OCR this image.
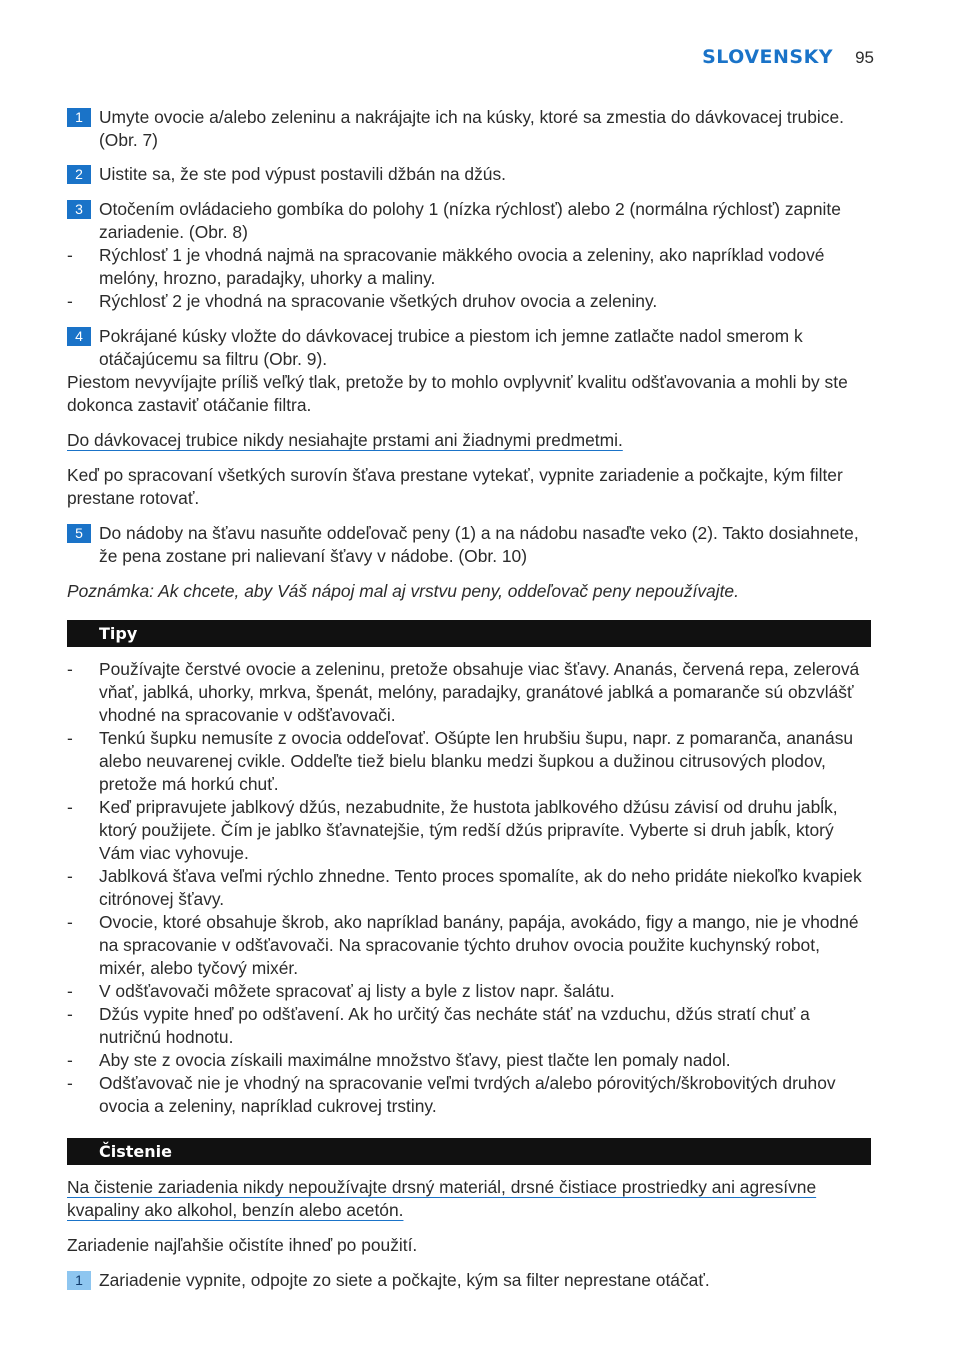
SLOVENSKY 95
1 Umyte ovocie a/alebo zeleninu a nakrájajte ich na kúsky, ktoré sa zmestia do dávkovacej trubice. (Obr. 7)
2 Uistite sa, že ste pod výpust postavili džbán na džús.
3 Otočením ovládacieho gombíka do polohy 1 (nízka rýchlosť) alebo 2 (normálna rýchlosť) zapnite zariadenie. (Obr. 8)
- Rýchlosť 1 je vhodná najmä na spracovanie mäkkého ovocia a zeleniny, ako napríklad vodové melóny, hrozno, paradajky, uhorky a maliny.
- Rýchlosť 2 je vhodná na spracovanie všetkých druhov ovocia a zeleniny.
4 Pokrájané kúsky vložte do dávkovacej trubice a piestom ich jemne zatlačte nadol smerom k otáčajúcemu sa filtru (Obr. 9).
Piestom nevyvíjajte príliš veľký tlak, pretože by to mohlo ovplyvniť kvalitu odšťavovania a mohli by ste dokonca zastaviť otáčanie filtra.
Do dávkovacej trubice nikdy nesiahajte prstami ani žiadnymi predmetmi.
Keď po spracovaní všetkých surovín šťava prestane vytekať, vypnite zariadenie a počkajte, kým filter prestane rotovať.
5 Do nádoby na šťavu nasuňte oddeľovač peny (1) a na nádobu nasaďte veko (2). Takto dosiahnete, že pena zostane pri nalievaní šťavy v nádobe. (Obr. 10)
Poznámka: Ak chcete, aby Váš nápoj mal aj vrstvu peny, oddeľovač peny nepoužívajte.
Tipy
- Používajte čerstvé ovocie a zeleninu, pretože obsahuje viac šťavy. Ananás, červená repa, zelerová vňať, jablká, uhorky, mrkva, špenát, melóny, paradajky, granátové jablká a pomaranče sú obzvlášť vhodné na spracovanie v odšťavovači.
- Tenkú šupku nemusíte z ovocia oddeľovať. Ošúpte len hrubšiu šupu, napr. z pomaranča, ananásu alebo neuvarenej cvikle. Oddeľte tiež bielu blanku medzi šupkou a dužinou citrusových plodov, pretože má horkú chuť.
- Keď pripravujete jablkový džús, nezabudnite, že hustota jablkového džúsu závisí od druhu jabĺk, ktorý použijete. Čím je jablko šťavnatejšie, tým redší džús pripravíte. Vyberte si druh jabĺk, ktorý Vám viac vyhovuje.
- Jablková šťava veľmi rýchlo zhnedne. Tento proces spomalíte, ak do neho pridáte niekoľko kvapiek citrónovej šťavy.
- Ovocie, ktoré obsahuje škrob, ako napríklad banány, papája, avokádo, figy a mango, nie je vhodné na spracovanie v odšťavovači. Na spracovanie týchto druhov ovocia použite kuchynský robot, mixér, alebo tyčový mixér.
- V odšťavovači môžete spracovať aj listy a byle z listov napr. šalátu.
- Džús vypite hneď po odšťavení. Ak ho určitý čas necháte stáť na vzduchu, džús stratí chuť a nutričnú hodnotu.
- Aby ste z ovocia získaili maximálne množstvo šťavy, piest tlačte len pomaly nadol.
- Odšťavovač nie je vhodný na spracovanie veľmi tvrdých a/alebo pórovitých/škrobovitých druhov ovocia a zeleniny, napríklad cukrovej trstiny.
Čistenie
Na čistenie zariadenia nikdy nepoužívajte drsný materiál, drsné čistiace prostriedky ani agresívne kvapaliny ako alkohol, benzín alebo acetón.
Zariadenie najľahšie očistíte ihneď po použití.
1 Zariadenie vypnite, odpojte zo siete a počkajte, kým sa filter neprestane otáčať.
